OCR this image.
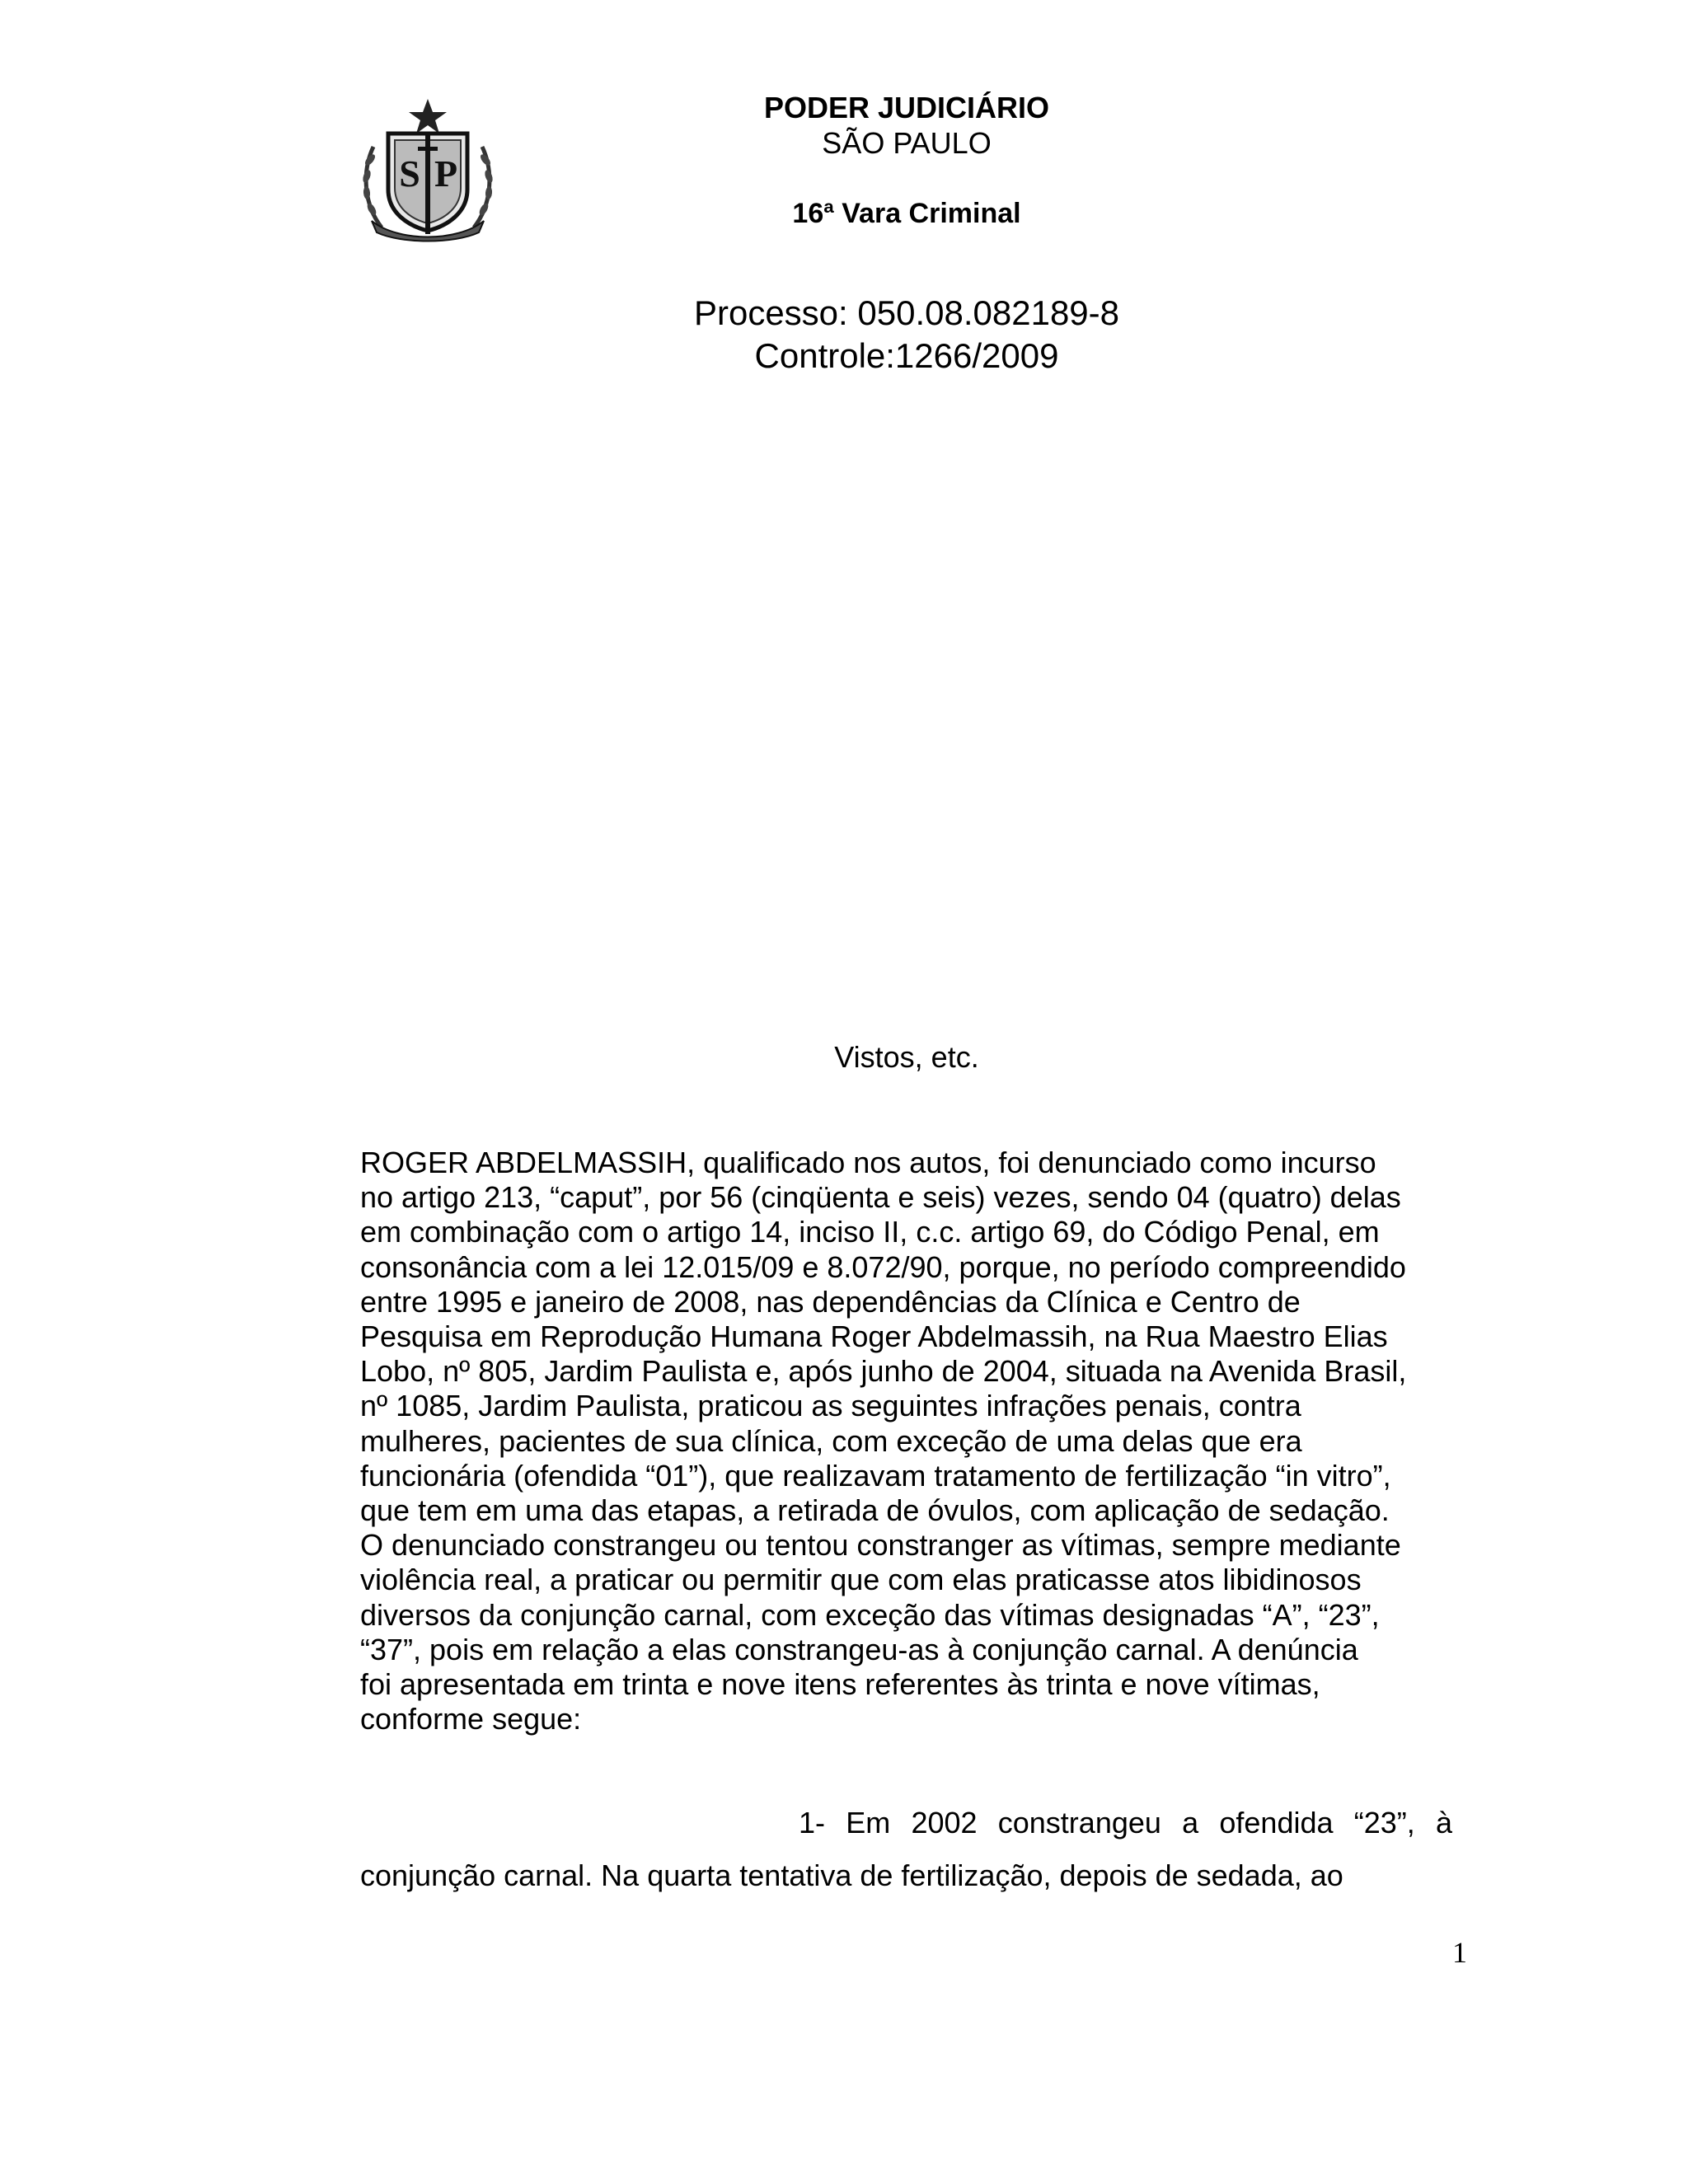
S P
PODER JUDICIÁRIO
SÃO PAULO
16ª Vara Criminal
Processo: 050.08.082189-8
Controle:1266/2009
Vistos, etc.

ROGER ABDELMASSIH, qualificado nos autos, foi denunciado como incurso

no artigo 213, “caput”, por 56 (cinqüenta e seis) vezes, sendo 04 (quatro) delas

em combinação com o artigo 14, inciso II, c.c. artigo 69, do Código Penal, em

consonância com a lei 12.015/09 e 8.072/90, porque, no período compreendido

entre 1995 e janeiro de 2008, nas dependências da Clínica e Centro de

Pesquisa em Reprodução Humana Roger Abdelmassih, na Rua Maestro Elias

Lobo, nº 805, Jardim Paulista e, após junho de 2004, situada na Avenida Brasil,

nº 1085, Jardim Paulista, praticou as seguintes infrações penais, contra

mulheres, pacientes de sua clínica, com exceção de uma delas que era

funcionária (ofendida “01”), que realizavam tratamento de fertilização “in vitro”,

que tem em uma das etapas, a retirada de óvulos, com aplicação de sedação.

O denunciado constrangeu ou tentou constranger as vítimas, sempre mediante

violência real, a praticar ou permitir que com elas praticasse atos libidinosos

diversos da conjunção carnal, com exceção das vítimas designadas “A”, “23”,

“37”, pois em relação a elas constrangeu-as à conjunção carnal. A denúncia

foi apresentada em trinta e nove itens referentes às trinta e nove vítimas,

conforme segue:

1- Em 2002 constrangeu a ofendida “23”, à conjunção carnal. Na quarta tentativa de fertilização, depois de sedada, ao
1
